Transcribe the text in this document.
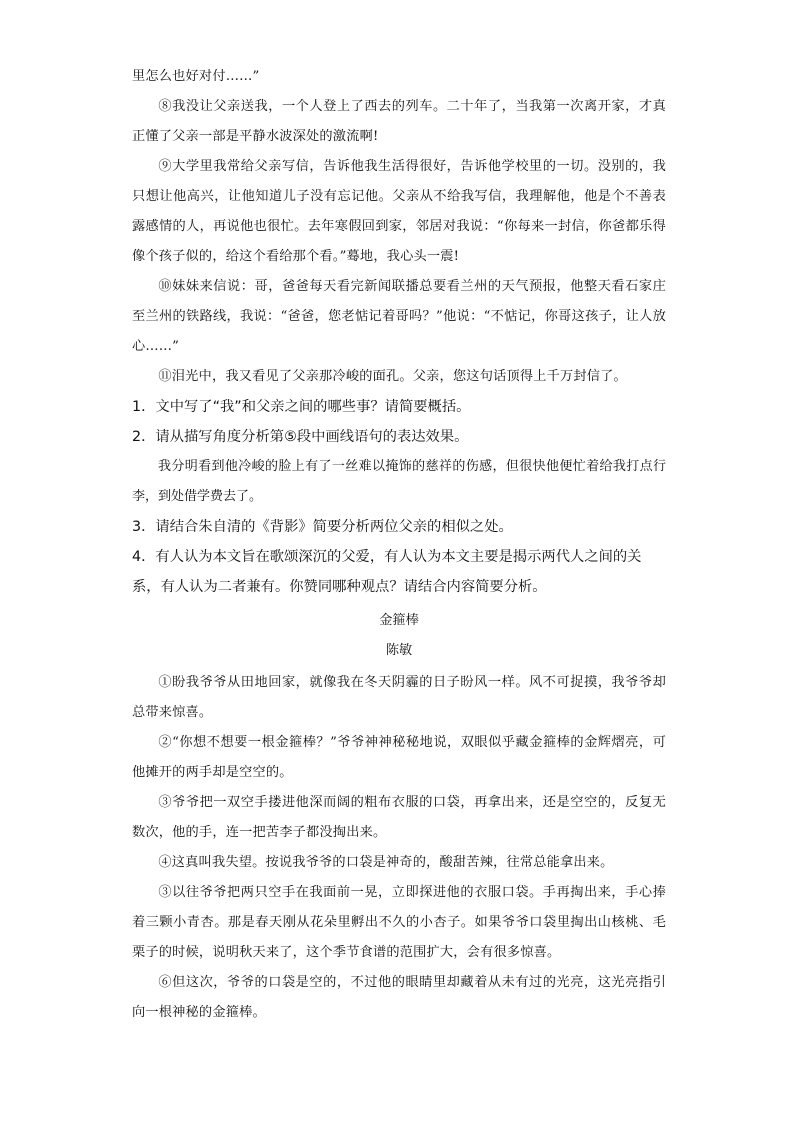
里怎么也好对付……”

⑧我没让父亲送我，一个人登上了西去的列车。二十年了，当我第一次离开家，才真正懂了父亲一部是平静水波深处的激流啊!

⑨大学里我常给父亲写信，告诉他我生活得很好，告诉他学校里的一切。没别的，我只想让他高兴，让他知道儿子没有忘记他。父亲从不给我写信，我理解他，他是个不善表露感情的人，再说他也很忙。去年寒假回到家，邻居对我说：“你每来一封信，你爸都乐得像个孩子似的，给这个看给那个看。”蓦地，我心头一震!

⑩妹妹来信说：哥，爸爸每天看完新闻联播总要看兰州的天气预报，他整天看石家庄至兰州的铁路线，我说：“爸爸，您老惦记着哥吗？”他说：“不惦记，你哥这孩子，让人放心……”

⑪泪光中，我又看见了父亲那冷峻的面孔。父亲，您这句话顶得上千万封信了。

1．文中写了“我”和父亲之间的哪些事？请简要概括。

2．请从描写角度分析第⑤段中画线语句的表达效果。

我分明看到他冷峻的脸上有了一丝难以掩饰的慈祥的伤感，但很快他便忙着给我打点行李，到处借学费去了。

3．请结合朱自清的《背影》简要分析两位父亲的相似之处。

4．有人认为本文旨在歌颂深沉的父爱，有人认为本文主要是揭示两代人之间的关系，有人认为二者兼有。你赞同哪种观点？请结合内容简要分析。

金箍棒

陈敏

①盼我爷爷从田地回家，就像我在冬天阴霾的日子盼风一样。风不可捉摸，我爷爷却总带来惊喜。

②“你想不想要一根金箍棒？”爷爷神神秘秘地说，双眼似乎藏金箍棒的金辉熠亮，可他摊开的两手却是空空的。

③爷爷把一双空手搂进他深而阔的粗布衣服的口袋，再拿出来，还是空空的，反复无数次，他的手，连一把苦李子都没掏出来。

④这真叫我失望。按说我爷爷的口袋是神奇的，酸甜苦辣，往常总能拿出来。

③以往爷爷把两只空手在我面前一晃，立即探进他的衣服口袋。手再掏出来，手心捧着三颗小青杏。那是春天刚从花朵里孵出不久的小杏子。如果爷爷口袋里掏出山核桃、毛栗子的时候，说明秋天来了，这个季节食谱的范围扩大，会有很多惊喜。

⑥但这次，爷爷的口袋是空的，不过他的眼睛里却藏着从未有过的光亮，这光亮指引向一根神秘的金箍棒。
